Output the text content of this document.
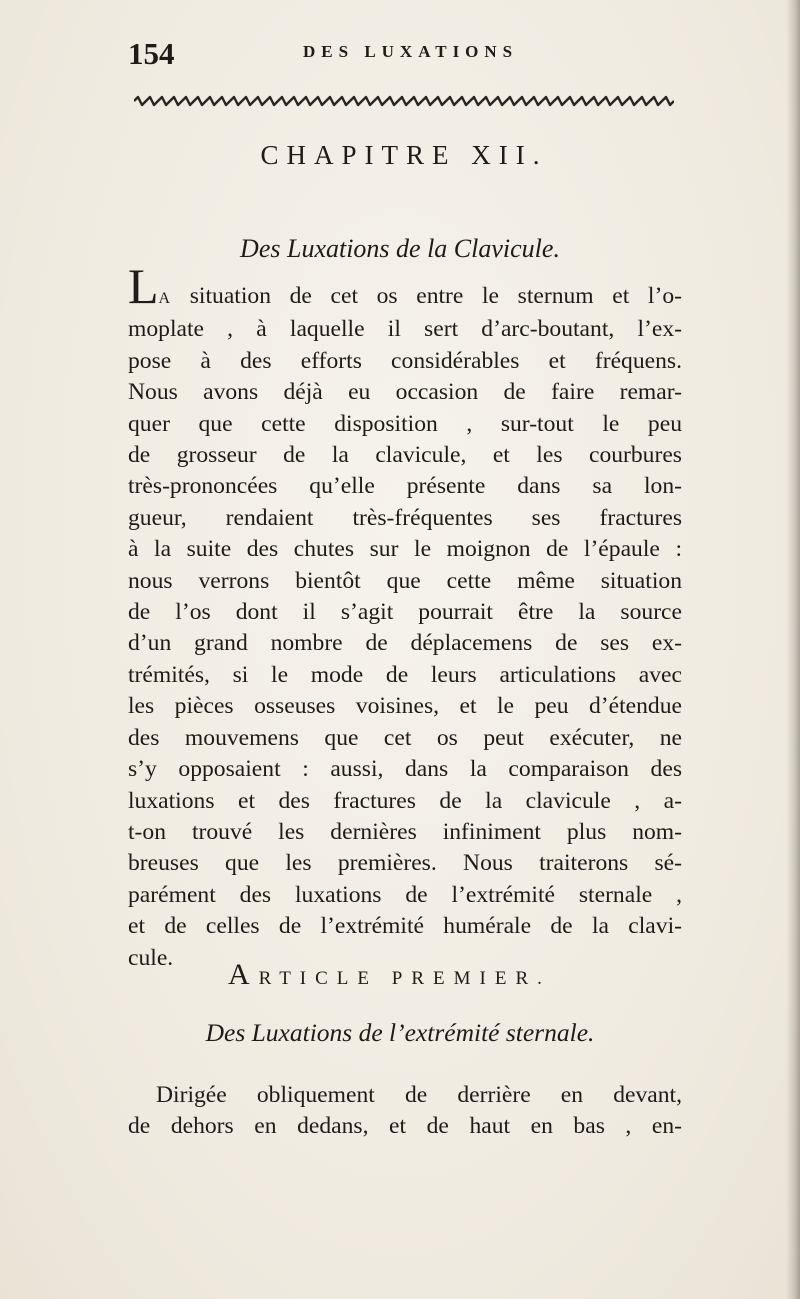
154	DES LUXATIONS
CHAPITRE XII.
Des Luxations de la Clavicule.
LA situation de cet os entre le sternum et l’o-
moplate , à laquelle il sert d’arc-boutant, l’ex-
pose à des efforts considérables et fréquens.
Nous avons déjà eu occasion de faire remar-
quer que cette disposition , sur-tout le peu
de grosseur de la clavicule, et les courbures
très-prononcées qu’elle présente dans sa lon-
gueur, rendaient très-fréquentes ses fractures
à la suite des chutes sur le moignon de l’épaule :
nous verrons bientôt que cette même situation
de l’os dont il s’agit pourrait être la source
d’un grand nombre de déplacemens de ses ex-
trémités, si le mode de leurs articulations avec
les pièces osseuses voisines, et le peu d’étendue
des mouvemens que cet os peut exécuter, ne
s’y opposaient : aussi, dans la comparaison des
luxations et des fractures de la clavicule , a-
t-on trouvé les dernières infiniment plus nom-
breuses que les premières. Nous traiterons sé-
parément des luxations de l’extrémité sternale ,
et de celles de l’extrémité humérale de la clavi-
cule.
ARTICLE PREMIER.
Des Luxations de l’extrémité sternale.
Dirigée obliquement de derrière en devant,
de dehors en dedans, et de haut en bas , en-
